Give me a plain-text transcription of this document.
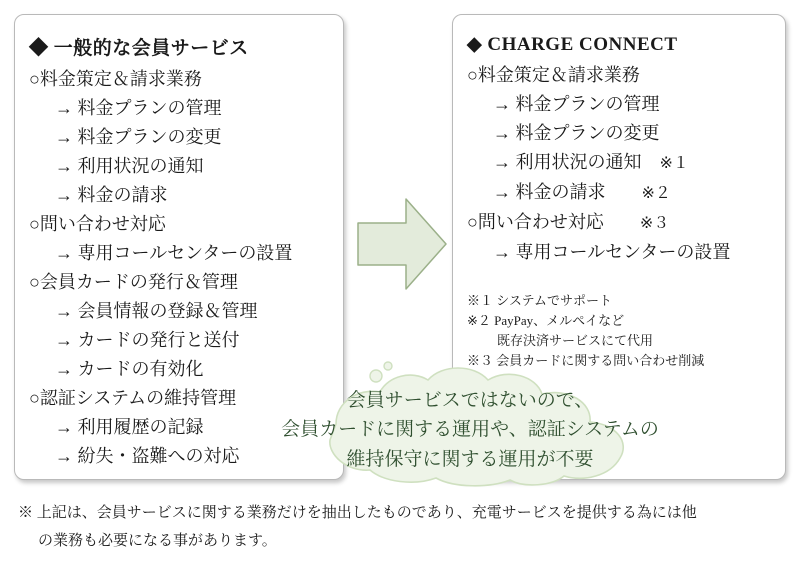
◆ 一般的な会員サービス
○料金策定＆請求業務
→ 料金プランの管理
→ 料金プランの変更
→ 利用状況の通知
→ 料金の請求
○問い合わせ対応
→ 専用コールセンターの設置
○会員カードの発行＆管理
→ 会員情報の登録＆管理
→ カードの発行と送付
→ カードの有効化
○認証システムの維持管理
→ 利用履歴の記録
→ 紛失・盗難への対応
◆ CHARGE CONNECT
○料金策定＆請求業務
→ 料金プランの管理
→ 料金プランの変更
→ 利用状況の通知 ※１
→ 料金の請求 ※２
○問い合わせ対応 ※３
→ 専用コールセンターの設置
※１ システムでサポート
※２ PayPay、メルペイなど
既存決済サービスにて代用
※３ 会員カードに関する問い合わせ削減
会員サービスではないので、
会員カードに関する運用や、認証システムの
維持保守に関する運用が不要
※ 上記は、会員サービスに関する業務だけを抽出したものであり、充電サービスを提供する為には他
の業務も必要になる事があります。
